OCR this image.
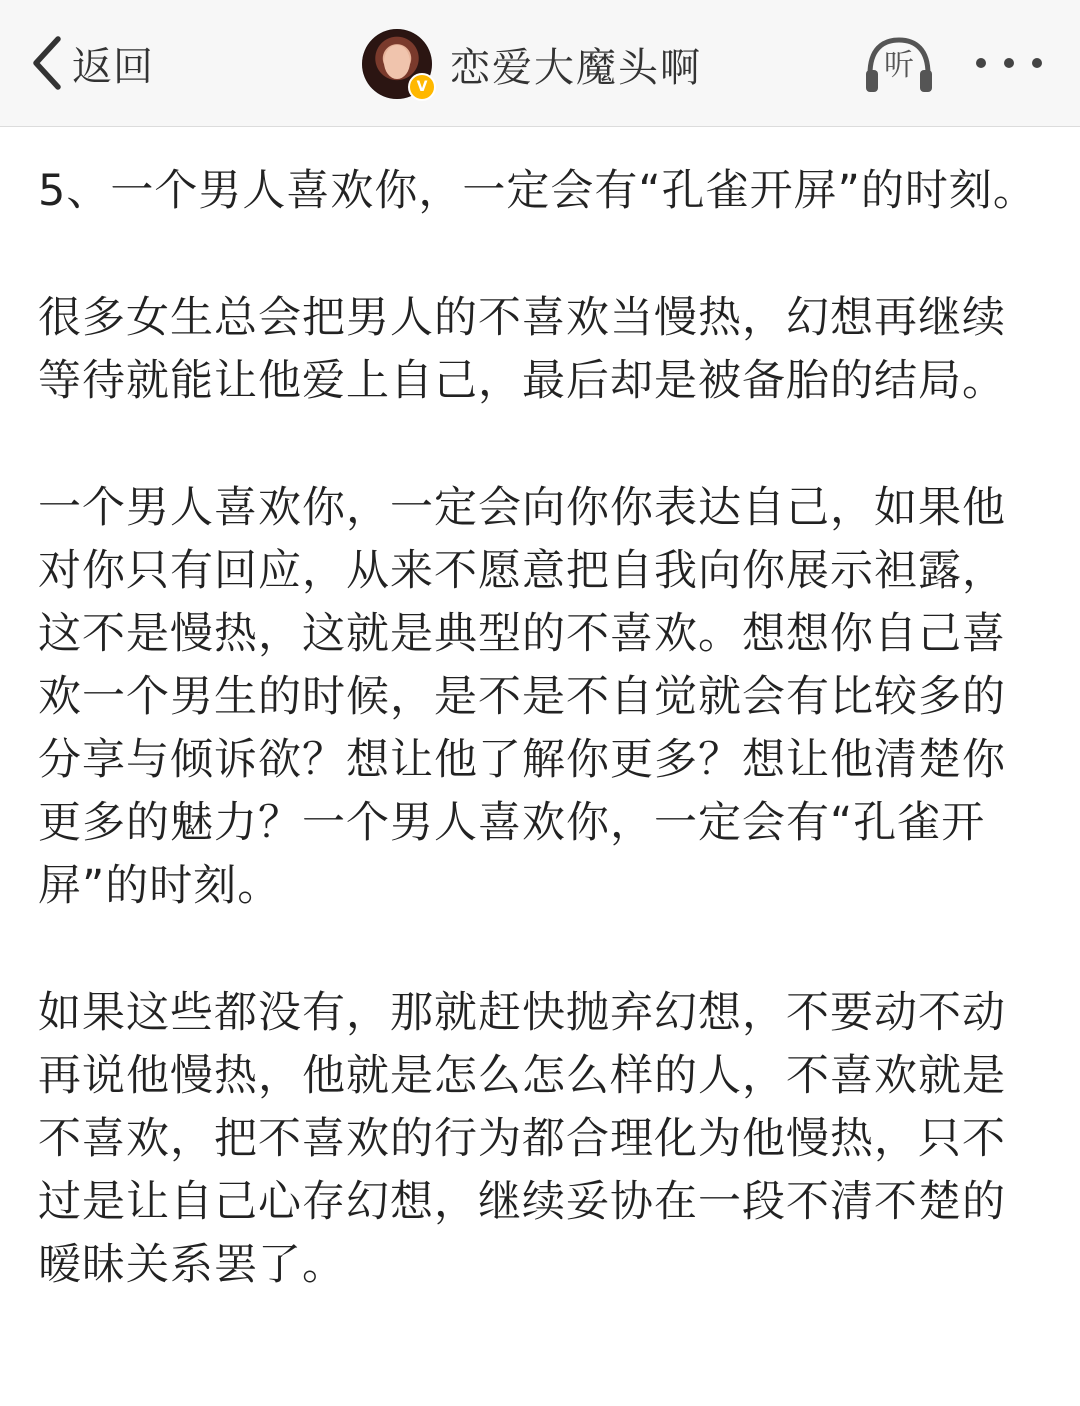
返回	V 恋爱大魔头啊	听

5、一个男人喜欢你，一定会有“孔雀开屏”的时刻。

很多女生总会把男人的不喜欢当慢热，幻想再继续等待就能让他爱上自己，最后却是被备胎的结局。

一个男人喜欢你，一定会向你你表达自己，如果他对你只有回应，从来不愿意把自我向你展示袒露，这不是慢热，这就是典型的不喜欢。想想你自己喜欢一个男生的时候，是不是不自觉就会有比较多的分享与倾诉欲？想让他了解你更多？想让他清楚你更多的魅力？一个男人喜欢你，一定会有“孔雀开屏”的时刻。

如果这些都没有，那就赶快抛弃幻想，不要动不动再说他慢热，他就是怎么怎么样的人，不喜欢就是不喜欢，把不喜欢的行为都合理化为他慢热，只不过是让自己心存幻想，继续妥协在一段不清不楚的暧昧关系罢了。
